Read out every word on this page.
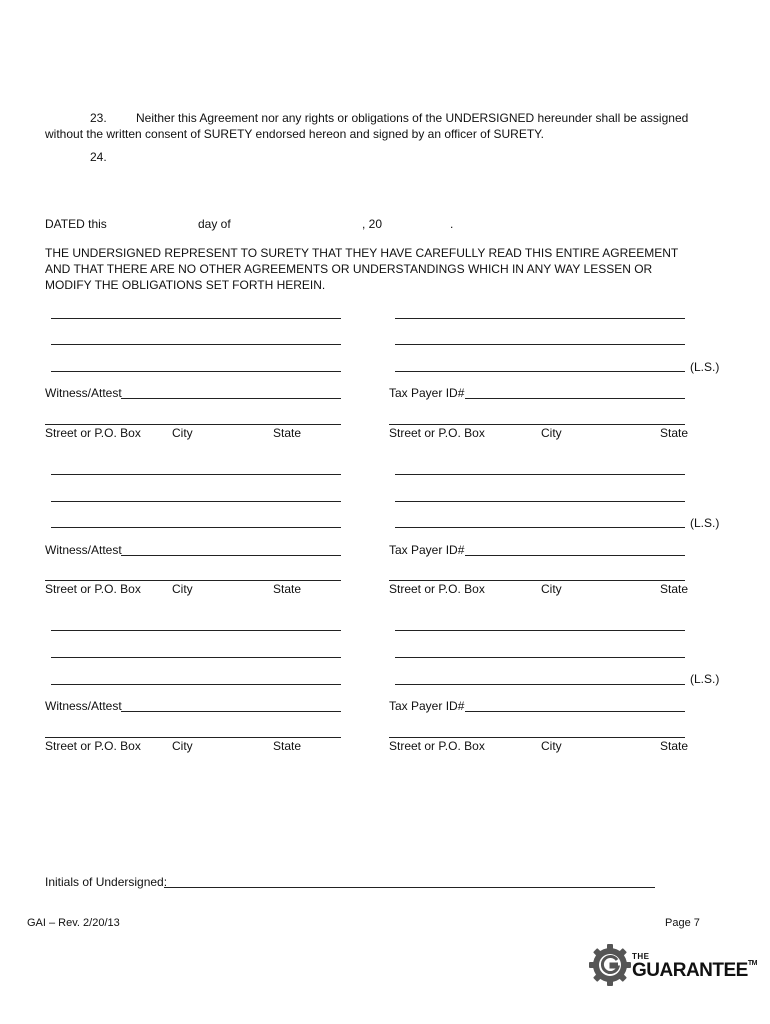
23. Neither this Agreement nor any rights or obligations of the UNDERSIGNED hereunder shall be assigned
without the written consent of SURETY endorsed hereon and signed by an officer of SURETY.
24.
DATED this	day of	, 20	.
THE UNDERSIGNED REPRESENT TO SURETY THAT THEY HAVE CAREFULLY READ THIS ENTIRE AGREEMENT
AND THAT THERE ARE NO OTHER AGREEMENTS OR UNDERSTANDINGS WHICH IN ANY WAY LESSEN OR
MODIFY THE OBLIGATIONS SET FORTH HEREIN.
(L.S.)
Witness/Attest	Tax Payer ID#
Street or P.O. Box	City	State	Street or P.O. Box	City	State
(L.S.)
Witness/Attest	Tax Payer ID#
Street or P.O. Box	City	State	Street or P.O. Box	City	State
(L.S.)
Witness/Attest	Tax Payer ID#
Street or P.O. Box	City	State	Street or P.O. Box	City	State
Initials of Undersigned:
GAI – Rev. 2/20/13	Page 7
THE
GUARANTEE™
